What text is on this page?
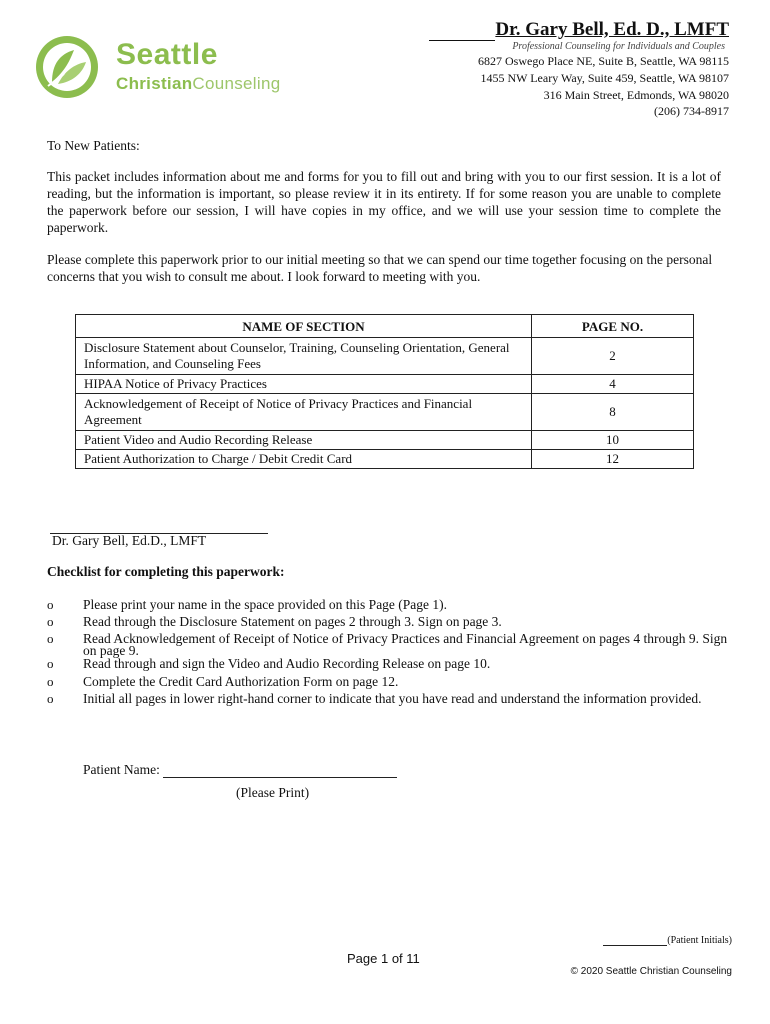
Seattle
ChristianCounseling
Dr. Gary Bell, Ed. D., LMFT
Professional Counseling for Individuals and Couples
6827 Oswego Place NE, Suite B, Seattle, WA 98115
1455 NW Leary Way, Suite 459, Seattle, WA 98107
316 Main Street, Edmonds, WA 98020
(206) 734-8917
To New Patients:
This packet includes information about me and forms for you to fill out and bring with you to our first session. It is a lot of reading, but the information is important, so please review it in its entirety. If for some reason you are unable to complete the paperwork before our session, I will have copies in my office, and we will use your session time to complete the paperwork.
Please complete this paperwork prior to our initial meeting so that we can spend our time together focusing on the personal concerns that you wish to consult me about. I look forward to meeting with you.
NAME OF SECTION	PAGE NO.
Disclosure Statement about Counselor, Training, Counseling Orientation, General Information, and Counseling Fees	2
HIPAA Notice of Privacy Practices	4
Acknowledgement of Receipt of Notice of Privacy Practices and Financial Agreement	8
Patient Video and Audio Recording Release	10
Patient Authorization to Charge / Debit Credit Card	12
Dr. Gary Bell, Ed.D., LMFT
Checklist for completing this paperwork:
o Please print your name in the space provided on this Page (Page 1).
o Read through the Disclosure Statement on pages 2 through 3. Sign on page 3.
o Read Acknowledgement of Receipt of Notice of Privacy Practices and Financial Agreement on pages 4 through 9. Sign on page 9.
o Read through and sign the Video and Audio Recording Release on page 10.
o Complete the Credit Card Authorization Form on page 12.
o Initial all pages in lower right-hand corner to indicate that you have read and understand the information provided.
Patient Name:
(Please Print)
(Patient Initials)
Page 1 of 11
© 2020 Seattle Christian Counseling
